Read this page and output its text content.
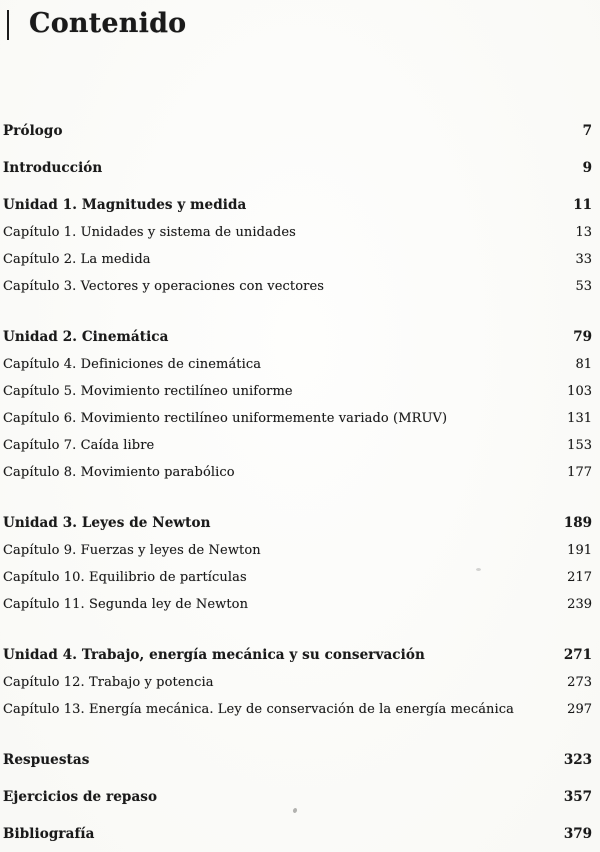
Contenido
Prólogo	7
Introducción	9
Unidad 1. Magnitudes y medida	11
Capítulo 1. Unidades y sistema de unidades	13
Capítulo 2. La medida	33
Capítulo 3. Vectores y operaciones con vectores	53
Unidad 2. Cinemática	79
Capítulo 4. Definiciones de cinemática	81
Capítulo 5. Movimiento rectilíneo uniforme	103
Capítulo 6. Movimiento rectilíneo uniformemente variado (MRUV)	131
Capítulo 7. Caída libre	153
Capítulo 8. Movimiento parabólico	177
Unidad 3. Leyes de Newton	189
Capítulo 9. Fuerzas y leyes de Newton	191
Capítulo 10. Equilibrio de partículas	217
Capítulo 11. Segunda ley de Newton	239
Unidad 4. Trabajo, energía mecánica y su conservación	271
Capítulo 12. Trabajo y potencia	273
Capítulo 13. Energía mecánica. Ley de conservación de la energía mecánica	297
Respuestas	323
Ejercicios de repaso	357
Bibliografía	379
